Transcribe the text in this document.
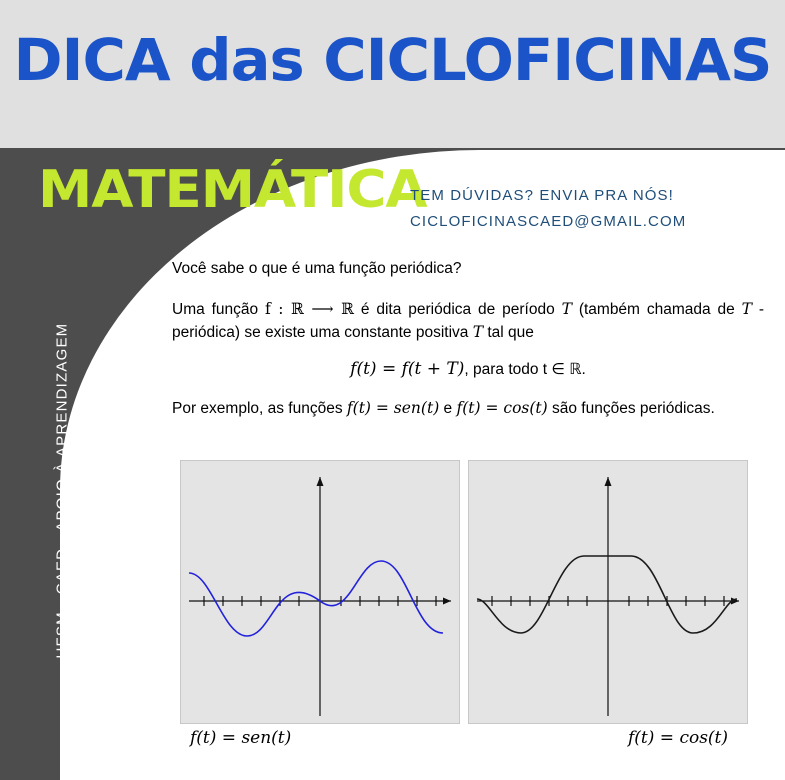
DICA das CICLOFICINAS
MATEMÁTICA
TEM DÚVIDAS? ENVIA PRA NÓS!
CICLOFICINASCAED@GMAIL.COM
UFSM - CAED - APOIO À APRENDIZAGEM

Você sabe o que é uma função periódica?

Uma função f : ℝ ⟶ ℝ é dita periódica de período T (também chamada de T -periódica) se existe uma constante positiva T tal que

f(t) = f(t + T), para todo t ∈ ℝ.

Por exemplo, as funções f(t) = sen(t) e f(t) = cos(t) são funções periódicas.

f(t) = sen(t)	f(t) = cos(t)
